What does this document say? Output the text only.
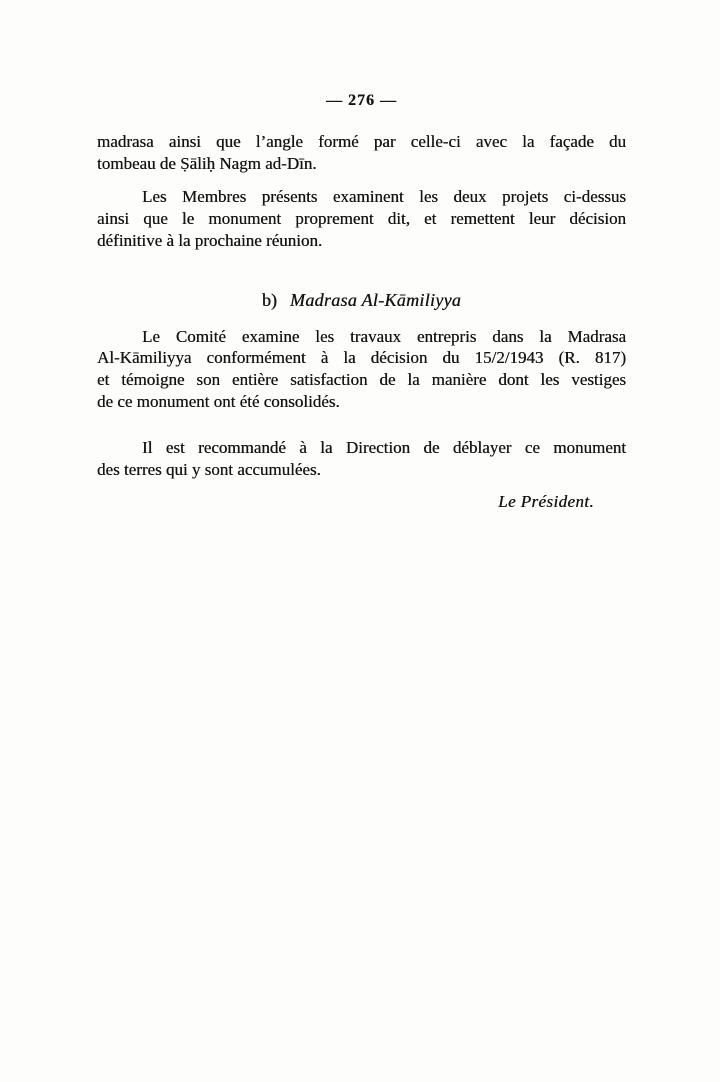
— 276 —
madrasa ainsi que l’angle formé par celle-ci avec la façade du
tombeau de Ṣāliḥ Nagm ad-Dīn.
Les Membres présents examinent les deux projets ci-dessus
ainsi que le monument proprement dit, et remettent leur décision
définitive à la prochaine réunion.
b) Madrasa Al-Kāmiliyya
Le Comité examine les travaux entrepris dans la Madrasa
Al-Kāmiliyya conformément à la décision du 15/2/1943 (R. 817)
et témoigne son entière satisfaction de la manière dont les vestiges
de ce monument ont été consolidés.
Il est recommandé à la Direction de déblayer ce monument
des terres qui y sont accumulées.
Le Président.
